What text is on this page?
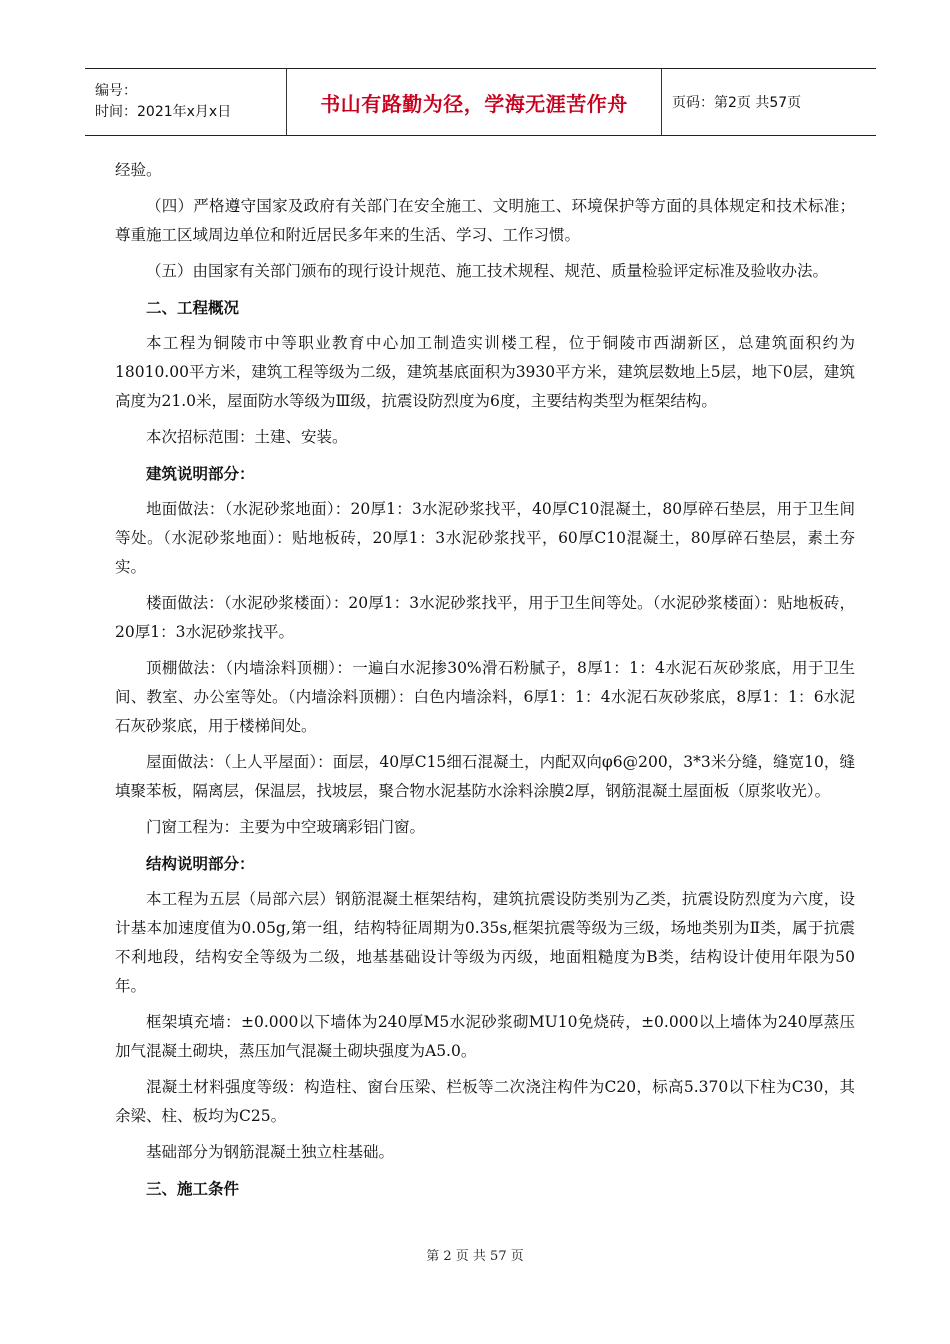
编号：
时间：2021年x月x日	书山有路勤为径，学海无涯苦作舟	页码：第2页 共57页

经验。

（四）严格遵守国家及政府有关部门在安全施工、文明施工、环境保护等方面的具体规定和技术标准；尊重施工区域周边单位和附近居民多年来的生活、学习、工作习惯。

（五）由国家有关部门颁布的现行设计规范、施工技术规程、规范、质量检验评定标准及验收办法。

二、工程概况

本工程为铜陵市中等职业教育中心加工制造实训楼工程，位于铜陵市西湖新区，总建筑面积约为18010.00平方米，建筑工程等级为二级，建筑基底面积为3930平方米，建筑层数地上5层，地下0层，建筑高度为21.0米，屋面防水等级为Ⅲ级，抗震设防烈度为6度，主要结构类型为框架结构。

本次招标范围：土建、安装。

建筑说明部分：

地面做法：（水泥砂浆地面）：20厚1：3水泥砂浆找平，40厚C10混凝土，80厚碎石垫层，用于卫生间等处。（水泥砂浆地面）：贴地板砖，20厚1：3水泥砂浆找平，60厚C10混凝土，80厚碎石垫层，素土夯实。

楼面做法：（水泥砂浆楼面）：20厚1：3水泥砂浆找平，用于卫生间等处。（水泥砂浆楼面）：贴地板砖，20厚1：3水泥砂浆找平。

顶棚做法：（内墙涂料顶棚）：一遍白水泥掺30%滑石粉腻子，8厚1：1：4水泥石灰砂浆底，用于卫生间、教室、办公室等处。（内墙涂料顶棚）：白色内墙涂料，6厚1：1：4水泥石灰砂浆底，8厚1：1：6水泥石灰砂浆底，用于楼梯间处。

屋面做法：（上人平屋面）：面层，40厚C15细石混凝土，内配双向φ6@200，3*3米分缝，缝宽10，缝填聚苯板，隔离层，保温层，找坡层，聚合物水泥基防水涂料涂膜2厚，钢筋混凝土屋面板（原浆收光）。

门窗工程为：主要为中空玻璃彩铝门窗。

结构说明部分：

本工程为五层（局部六层）钢筋混凝土框架结构，建筑抗震设防类别为乙类，抗震设防烈度为六度，设计基本加速度值为0.05g,第一组，结构特征周期为0.35s,框架抗震等级为三级，场地类别为Ⅱ类，属于抗震不利地段，结构安全等级为二级，地基基础设计等级为丙级，地面粗糙度为B类，结构设计使用年限为50年。

框架填充墙：±0.000以下墙体为240厚M5水泥砂浆砌MU10免烧砖，±0.000以上墙体为240厚蒸压加气混凝土砌块，蒸压加气混凝土砌块强度为A5.0。

混凝土材料强度等级：构造柱、窗台压梁、栏板等二次浇注构件为C20，标高5.370以下柱为C30，其余梁、柱、板均为C25。

基础部分为钢筋混凝土独立柱基础。

三、施工条件

第 2 页 共 57 页
